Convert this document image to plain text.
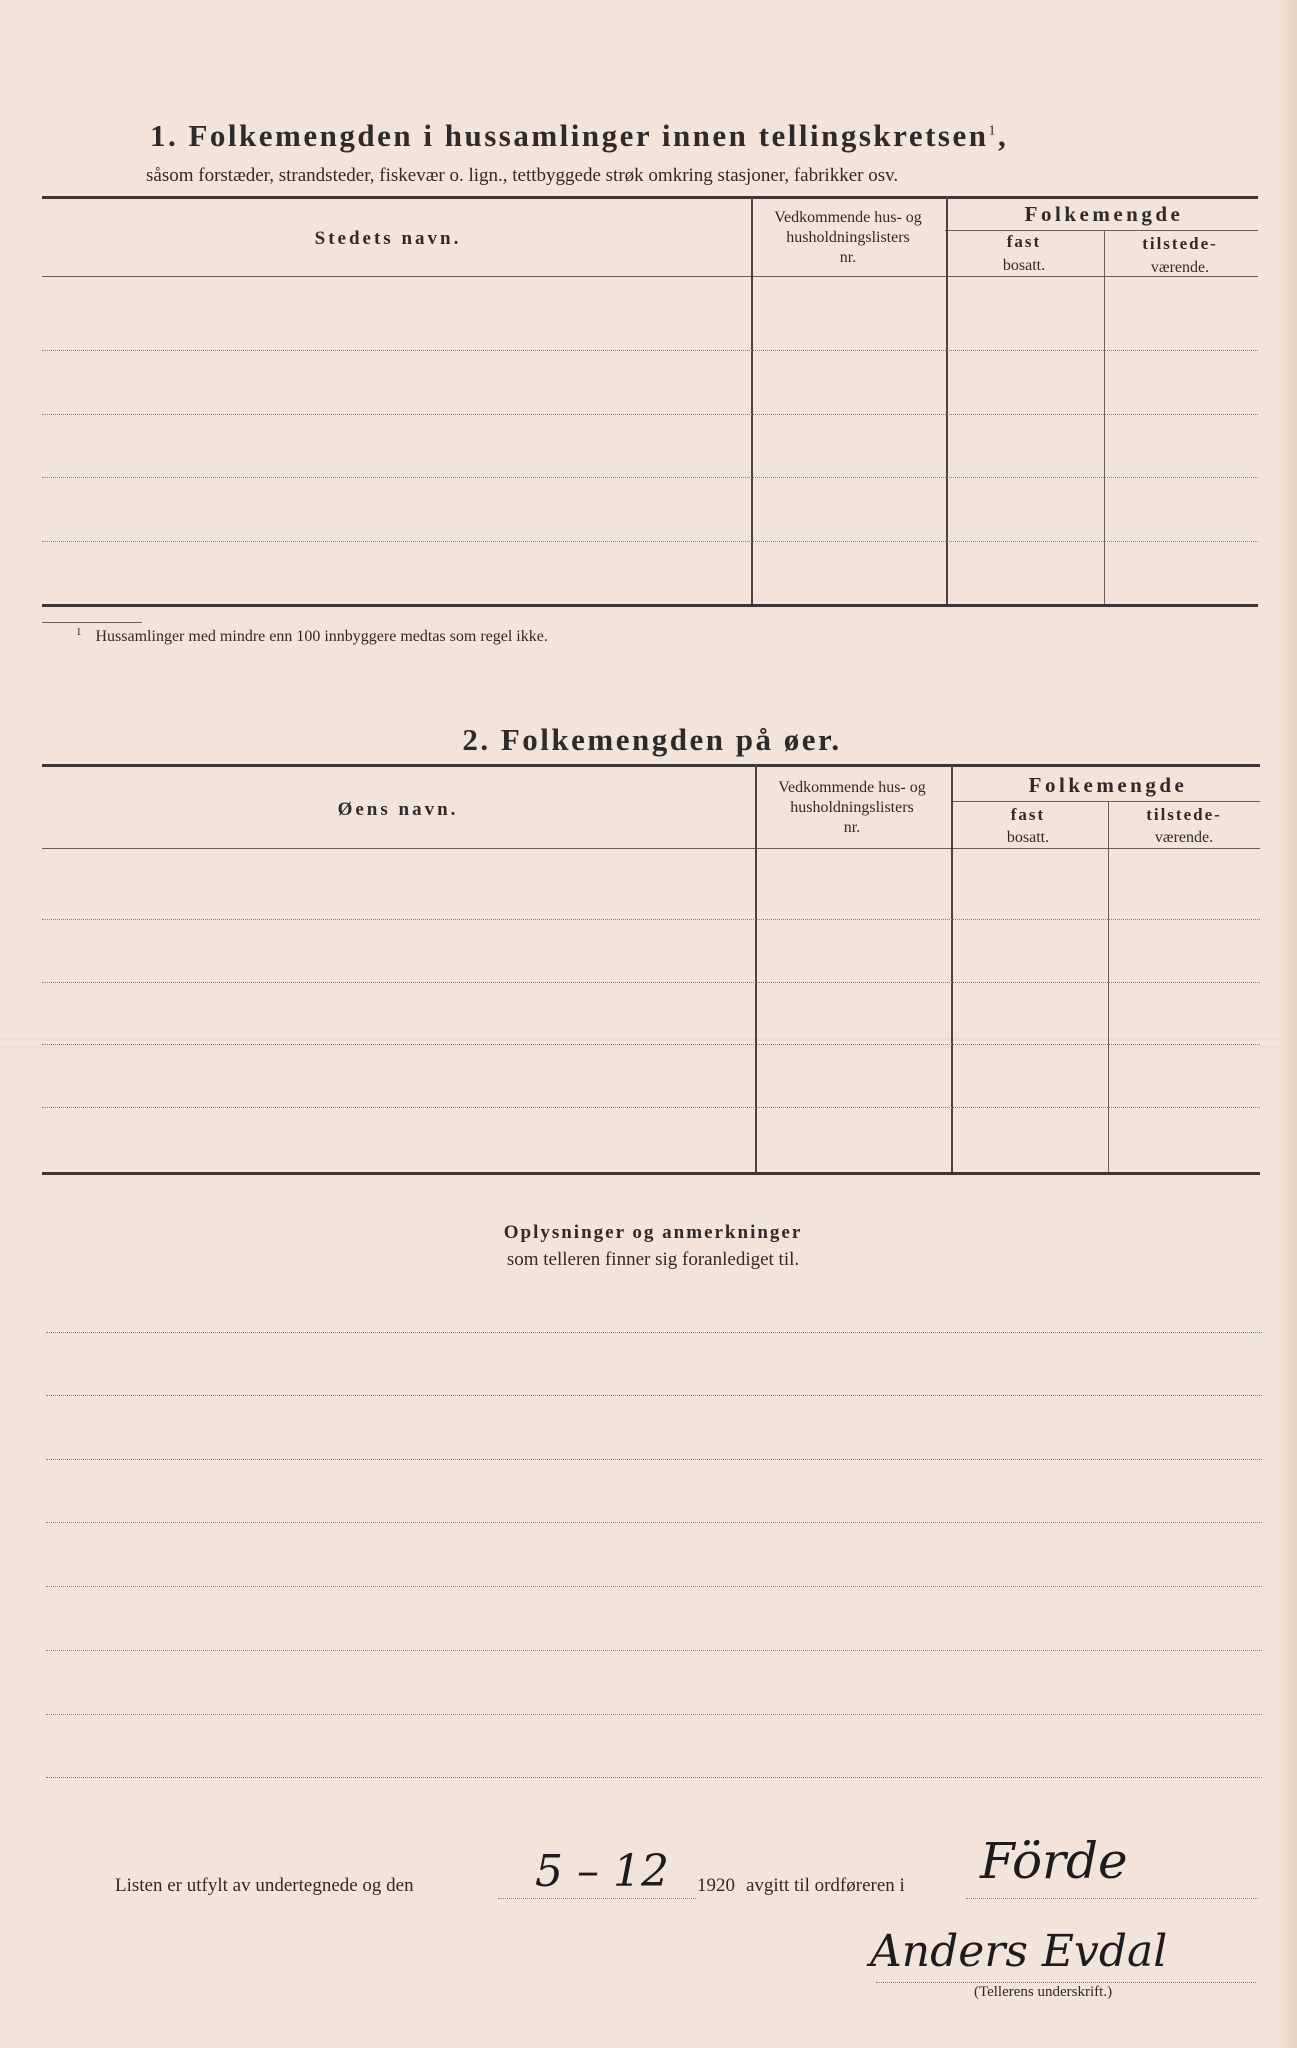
1. Folkemengden i hussamlinger innen tellingskretsen$^1$,
såsom forstæder, strandsteder, fiskevær o. lign., tettbyggede strøk omkring stasjoner, fabrikker osv.
Stedets navn.
Vedkommende hus- og
husholdningslisters
nr.
Folkemengde
fast
bosatt.
tilstede-
værende.
$^1$ Hussamlinger med mindre enn 100 innbyggere medtas som regel ikke.
2. Folkemengden på øer.
Øens navn.
Vedkommende hus- og
husholdningslisters
nr.
Folkemengde
fast
bosatt.
tilstede-
værende.
Oplysninger og anmerkninger
som telleren finner sig foranlediget til.
Listen er utfylt av undertegnede og den	5 – 12 1920 avgitt til ordføreren i Förde
Anders Evdal
(Tellerens underskrift.)
